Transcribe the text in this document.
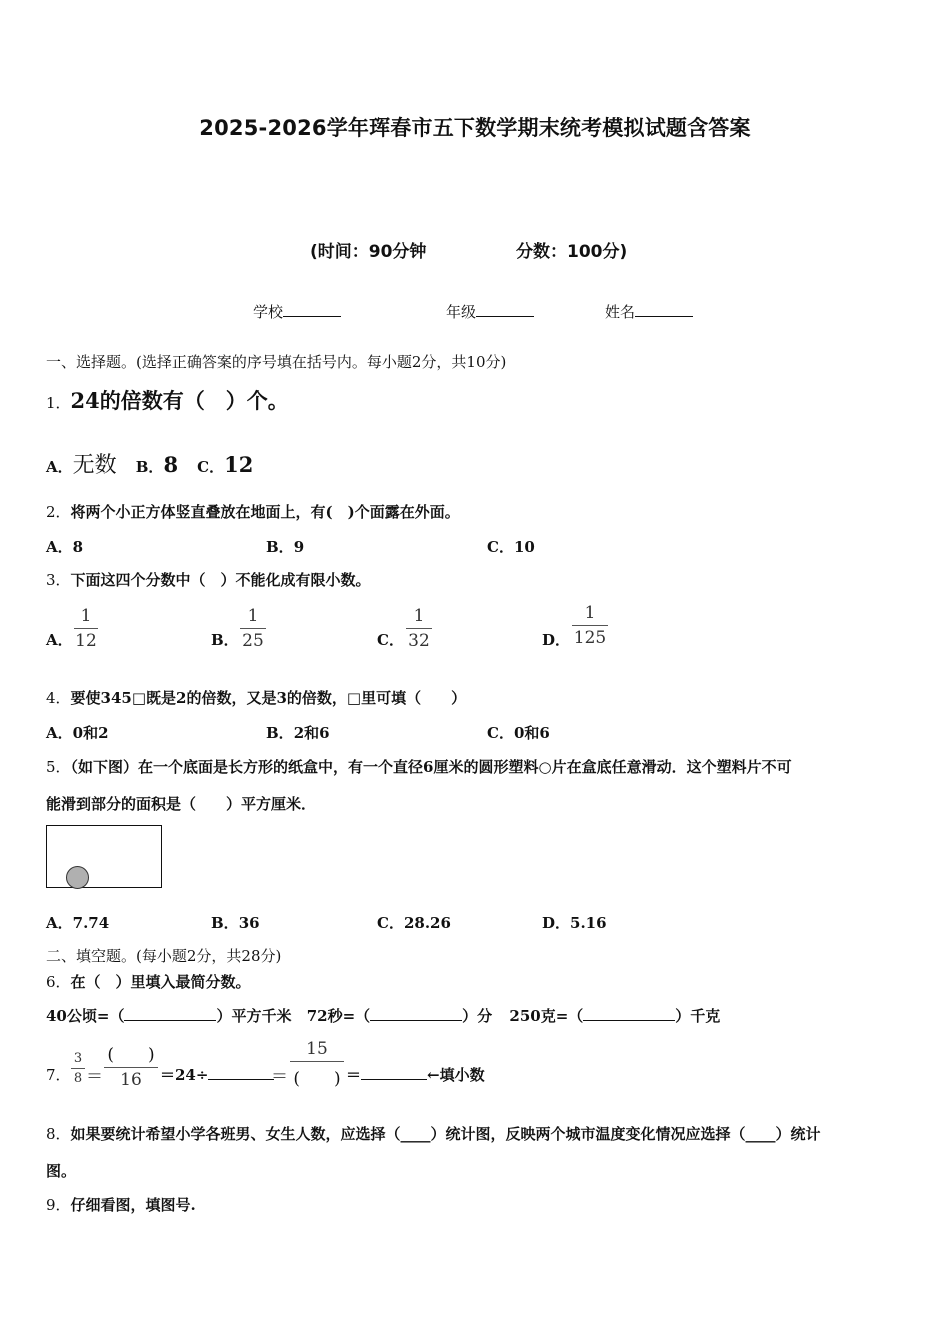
2025-2026学年珲春市五下数学期末统考模拟试题含答案
(时间：90分钟	分数：100分)
学校	年级	姓名
一、选择题。(选择正确答案的序号填在括号内。每小题2分，共10分)
1．24的倍数有（　）个。
A．无数 B．8 C．12
2．将两个小正方体竖直叠放在地面上，有(　)个面露在外面。
A．8	B．9	C．10
3．下面这四个分数中（　）不能化成有限小数。
A．
1
12	B．
1
25	C．
1
32	D．
1
125
4．要使345□既是2的倍数，又是3的倍数，□里可填（　　）
A．0和2	B．2和6	C．0和6
5．（如下图）在一个底面是长方形的纸盒中，有一个直径6厘米的圆形塑料○片在盒底任意滑动．这个塑料片不可
能滑到部分的面积是（　　）平方厘米．
A．7.74	B．36	C．28.26	D．5.16
二、填空题。(每小题2分，共28分)
6．在（　）里填入最简分数。
40公顷=（	）平方千米 72秒=（	）分 250克=（	）千克
7．
3
8 ＝
(　　)
16	＝24÷	＝
15
(　　) ＝	←填小数
8．如果要统计希望小学各班男、女生人数，应选择（____）统计图，反映两个城市温度变化情况应选择（____）统计
图。
9．仔细看图，填图号.
